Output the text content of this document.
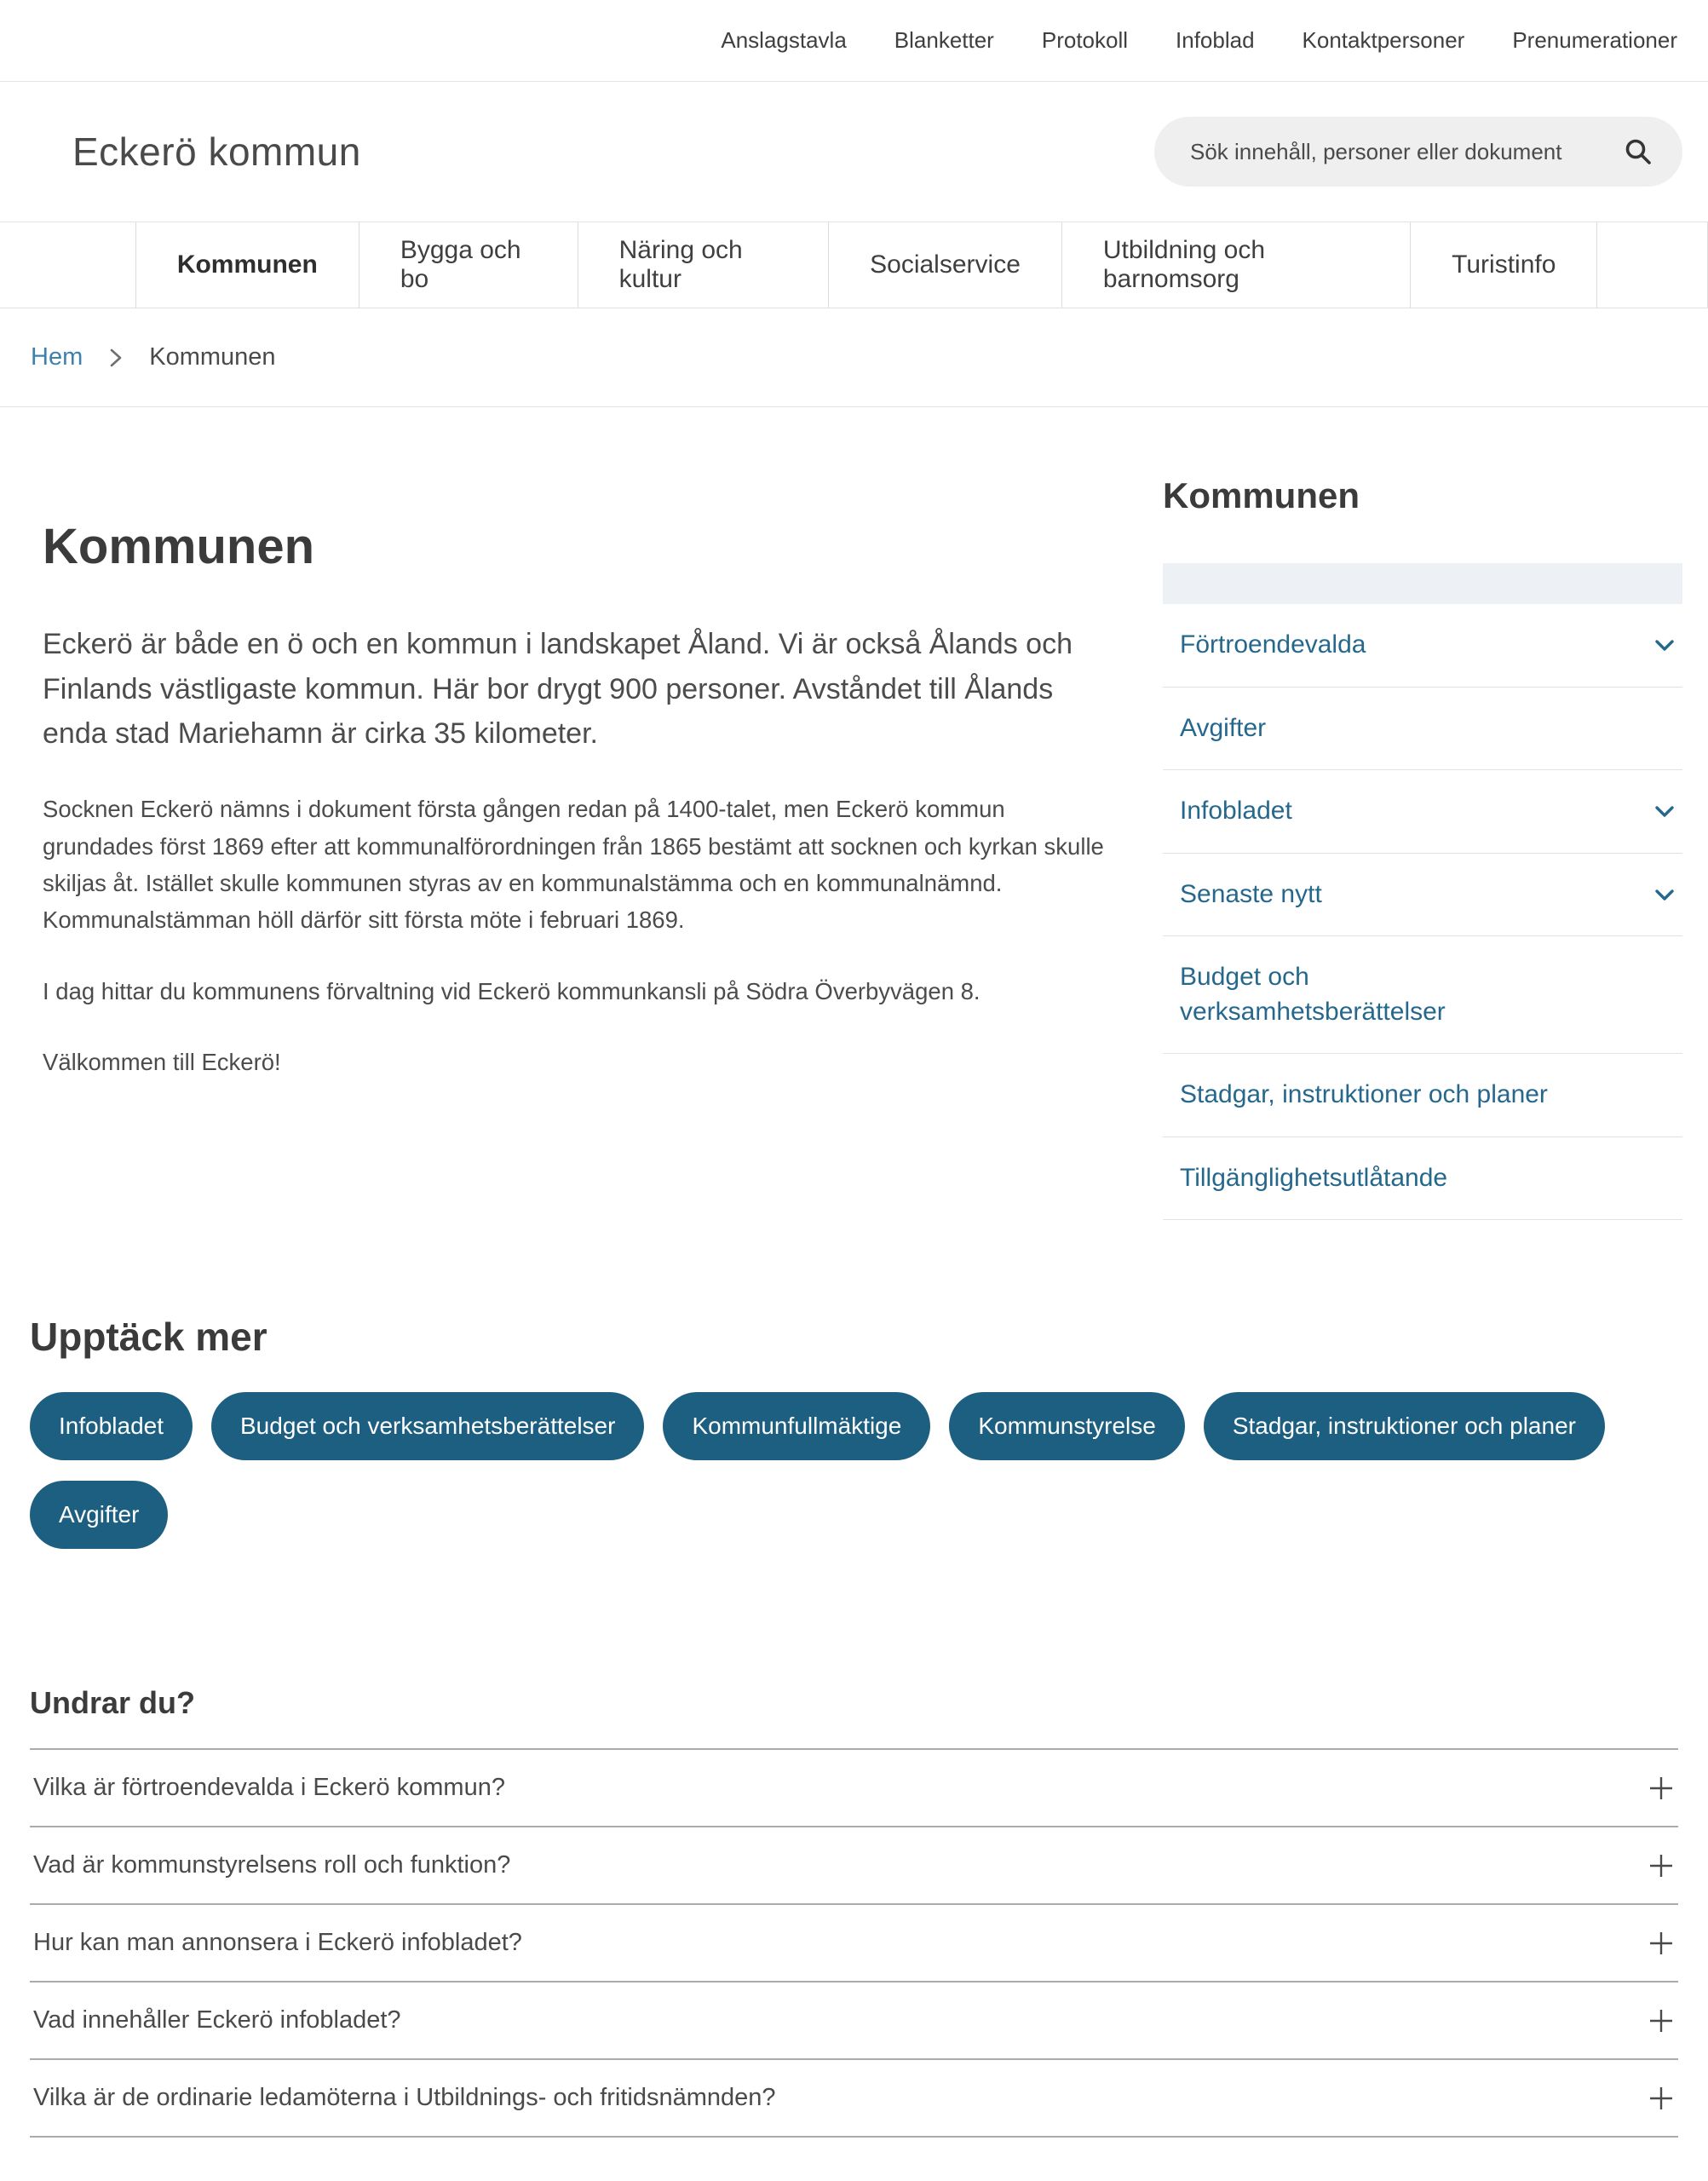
Anslagstavla Blanketter Protokoll Infoblad Kontaktpersoner Prenumerationer
Eckerö kommun
Sök innehåll, personer eller dokument
Kommunen
Bygga och bo
Näring och kultur
Socialservice
Utbildning och barnomsorg
Turistinfo
Hem	Kommunen
Kommunen

Eckerö är både en ö och en kommun i landskapet Åland. Vi är också Ålands och Finlands västligaste kommun. Här bor drygt 900 personer. Avståndet till Ålands enda stad Mariehamn är cirka 35 kilometer.

Socknen Eckerö nämns i dokument första gången redan på 1400-talet, men Eckerö kommun grundades först 1869 efter att kommunalförordningen från 1865 bestämt att socknen och kyrkan skulle skiljas åt. Istället skulle kommunen styras av en kommunalstämma och en kommunalnämnd. Kommunalstämman höll därför sitt första möte i februari 1869.

I dag hittar du kommunens förvaltning vid Eckerö kommunkansli på Södra Överbyvägen 8.

Välkommen till Eckerö!

Kommunen
Förtroendevalda
Avgifter
Infobladet
Senaste nytt
Budget och verksamhetsberättelser
Stadgar, instruktioner och planer
Tillgänglighetsutlåtande
Upptäck mer
Infobladet	Budget och verksamhetsberättelser	Kommunfullmäktige	Kommunstyrelse	Stadgar, instruktioner och planer
Avgifter
Undrar du?
Vilka är förtroendevalda i Eckerö kommun?
Vad är kommunstyrelsens roll och funktion?
Hur kan man annonsera i Eckerö infobladet?
Vad innehåller Eckerö infobladet?
Vilka är de ordinarie ledamöterna i Utbildnings- och fritidsnämnden?
